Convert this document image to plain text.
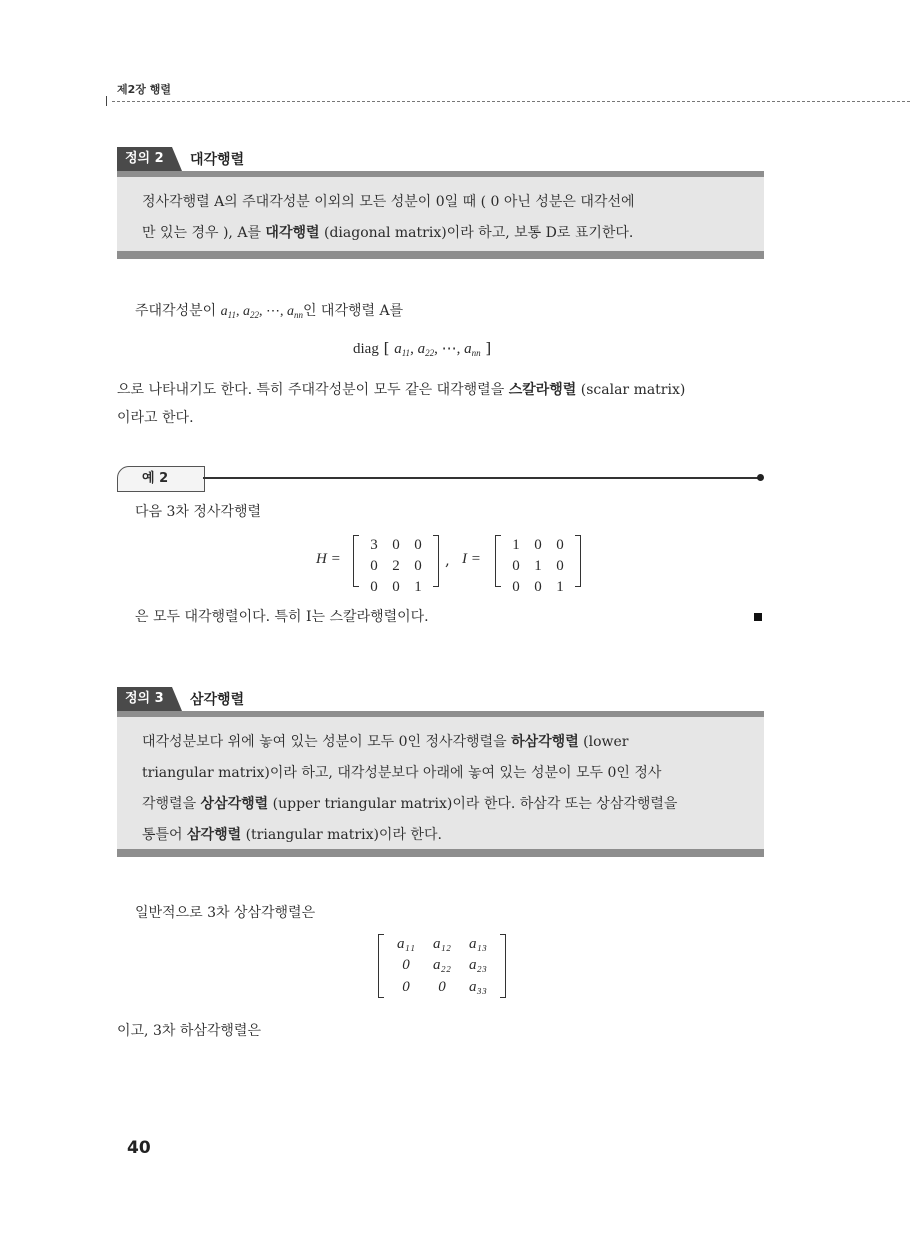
제2장 행렬
정의 2	대각행렬
정사각행렬 A의 주대각성분 이외의 모든 성분이 0일 때 ( 0 아닌 성분은 대각선에
만 있는 경우 ), A를 대각행렬 (diagonal matrix)이라 하고, 보통 D로 표기한다.
주대각성분이 $a_{11}$, $a_{22}$, ⋯, $a_{nn}$인 대각행렬 A를
diag [ $a_{11}$, $a_{22}$, ⋯, $a_{nn}$ ]
으로 나타내기도 한다. 특히 주대각성분이 모두 같은 대각행렬을 스칼라행렬 (scalar matrix)
이라고 한다.
예 2
다음 3차 정사각행렬
H =
3 0 0
0 2 0
0 0 1
, I =
1 0 0
0 1 0
0 0 1
은 모두 대각행렬이다. 특히 I는 스칼라행렬이다.
정의 3	삼각행렬
대각성분보다 위에 놓여 있는 성분이 모두 0인 정사각행렬을 하삼각행렬 (lower
triangular matrix)이라 하고, 대각성분보다 아래에 놓여 있는 성분이 모두 0인 정사
각행렬을 상삼각행렬 (upper triangular matrix)이라 한다. 하삼각 또는 상삼각행렬을
통틀어 삼각행렬 (triangular matrix)이라 한다.
일반적으로 3차 상삼각행렬은
a₁₁	a₁₂	a₁₃
0	a₂₂	a₂₃
0	0	a₃₃
이고, 3차 하삼각행렬은
40
